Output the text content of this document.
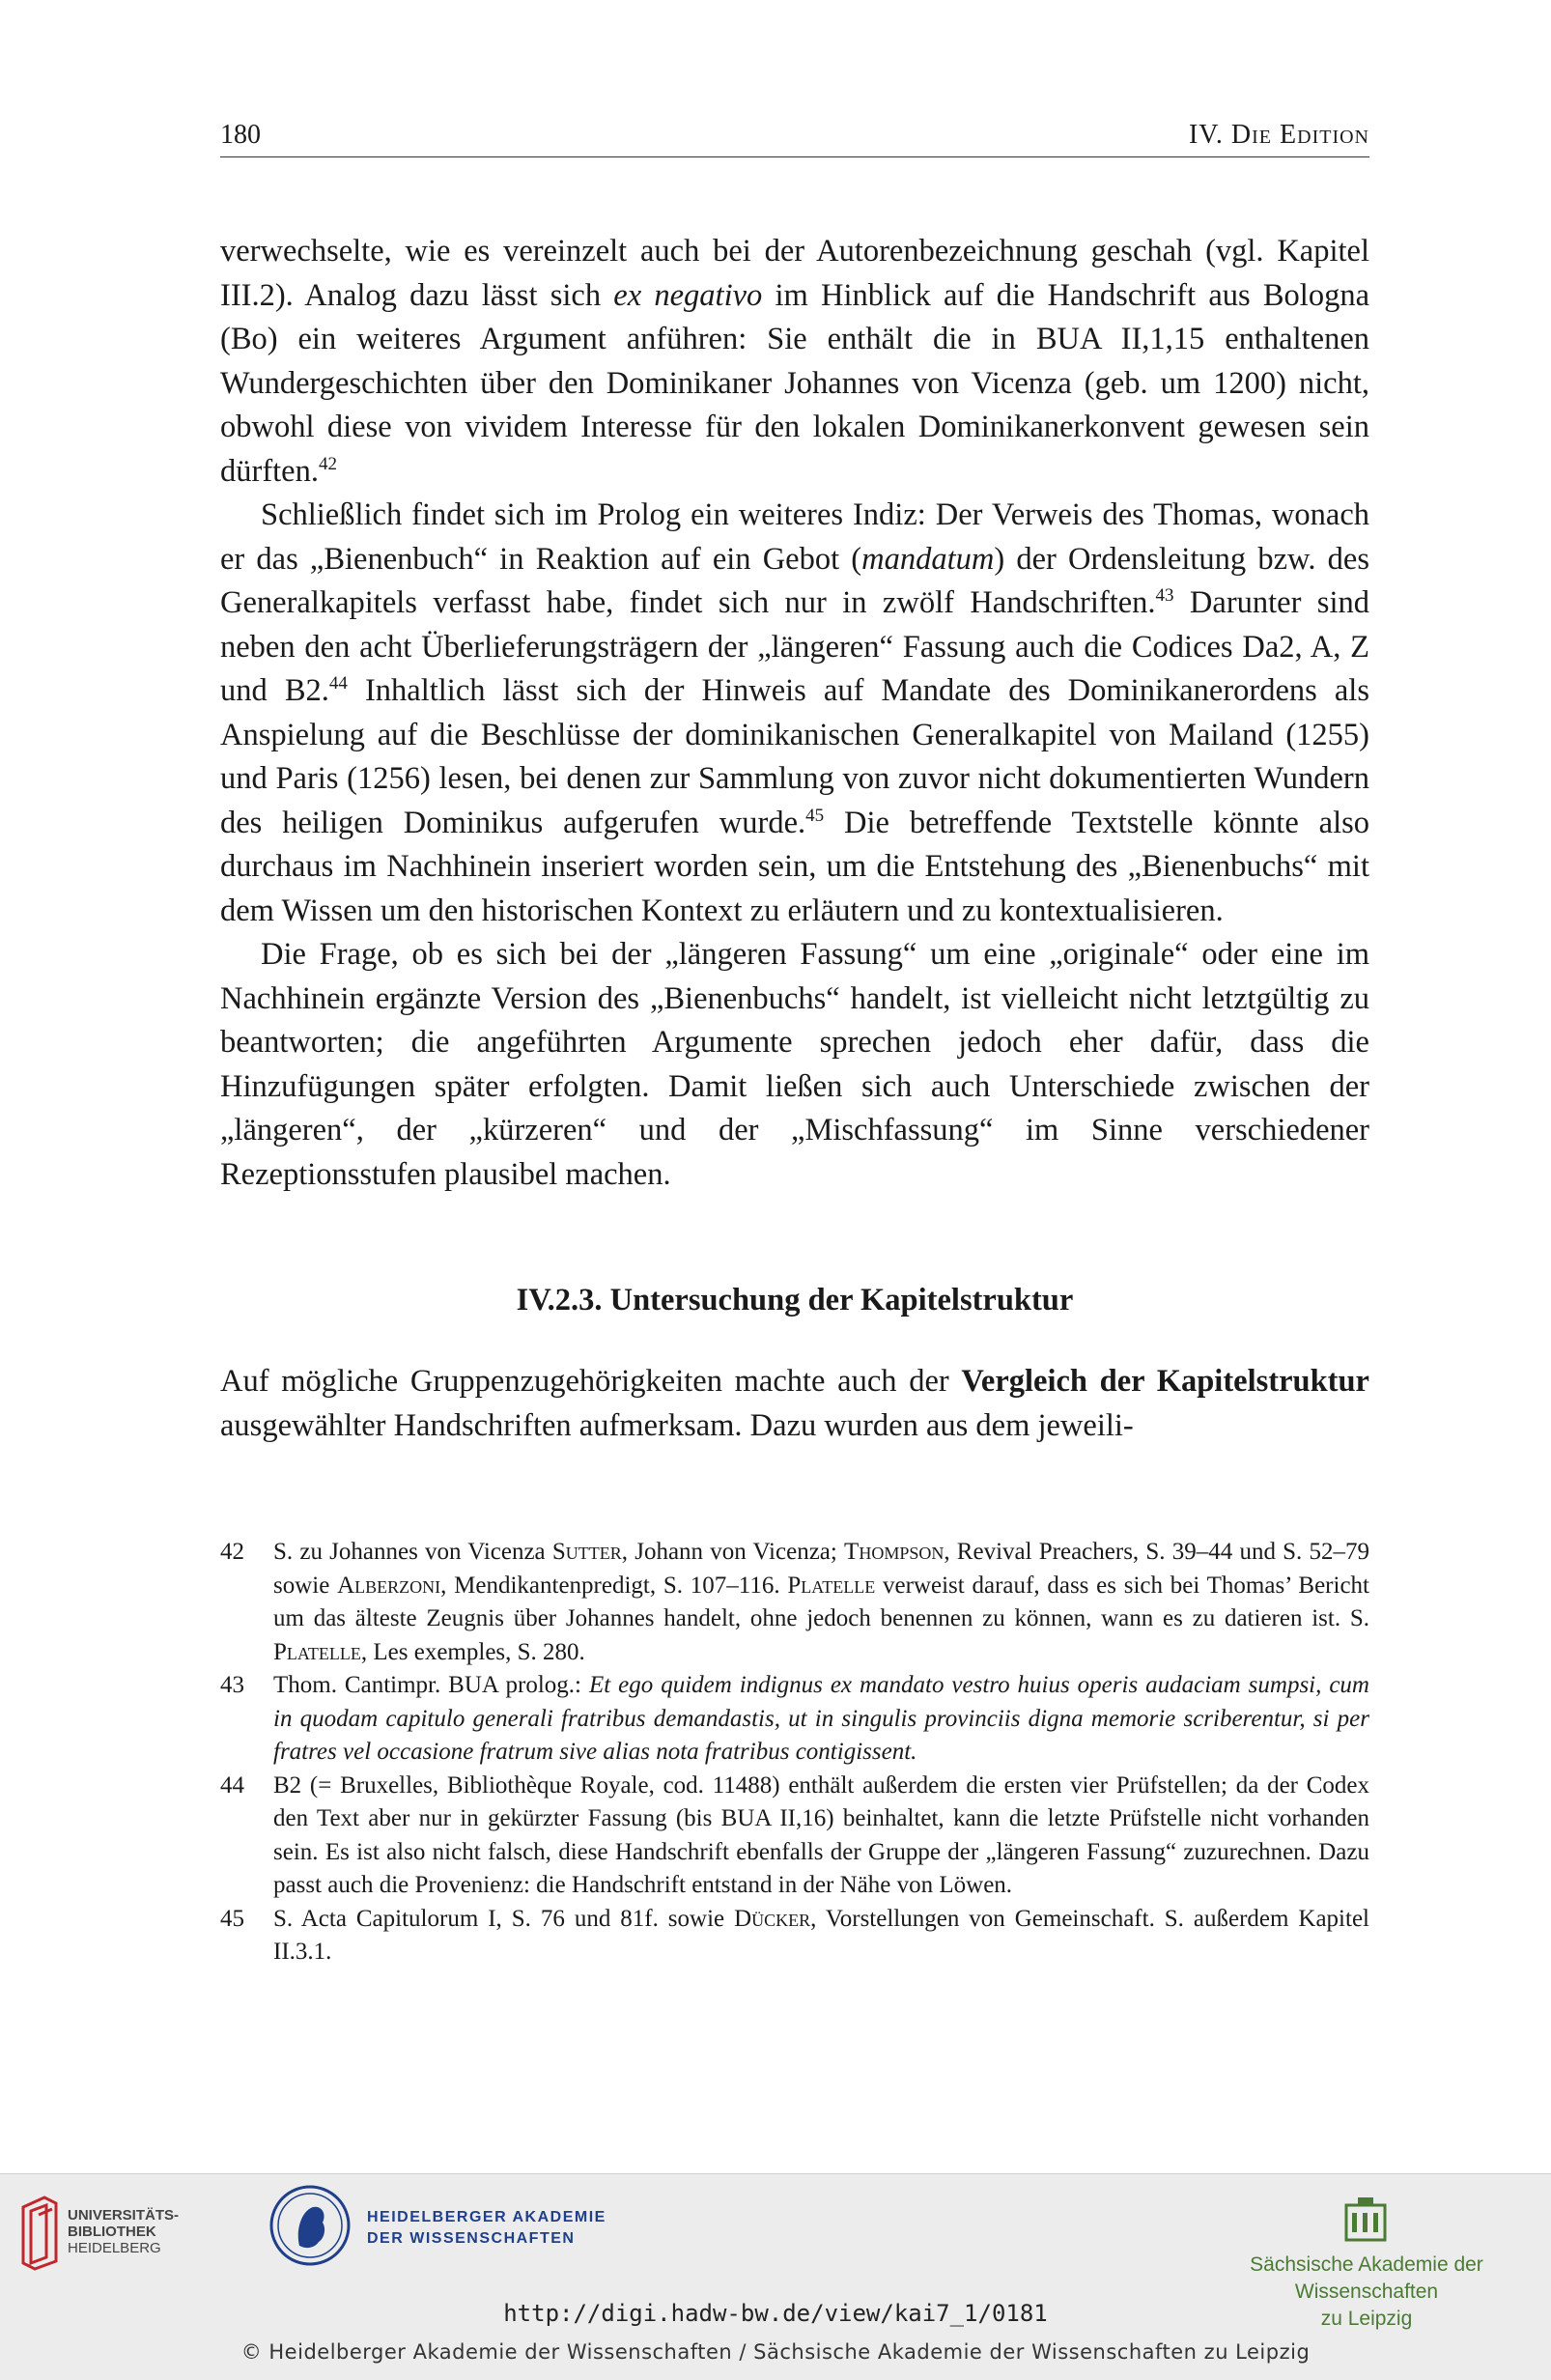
180	IV. Die Edition

verwechselte, wie es vereinzelt auch bei der Autorenbezeichnung geschah (vgl. Kapitel III.2). Analog dazu lässt sich ex negativo im Hinblick auf die Handschrift aus Bologna (Bo) ein weiteres Argument anführen: Sie enthält die in BUA II,1,15 enthaltenen Wundergeschichten über den Dominikaner Johannes von Vicenza (geb. um 1200) nicht, obwohl diese von vividem Interesse für den lokalen Dominikanerkonvent gewesen sein dürften.$^{42}$

Schließlich findet sich im Prolog ein weiteres Indiz: Der Verweis des Thomas, wonach er das „Bienenbuch“ in Reaktion auf ein Gebot (mandatum) der Ordensleitung bzw. des Generalkapitels verfasst habe, findet sich nur in zwölf Handschriften.$^{43}$ Darunter sind neben den acht Überlieferungsträgern der „längeren“ Fassung auch die Codices Da2, A, Z und B2.44 Inhaltlich lässt sich der Hinweis auf Mandate des Dominikanerordens als Anspielung auf die Beschlüsse der dominikanischen Generalkapitel von Mailand (1255) und Paris (1256) lesen, bei denen zur Sammlung von zuvor nicht dokumentierten Wundern des heiligen Dominikus aufgerufen wurde.$^{45}$ Die betreffende Textstelle könnte also durchaus im Nachhinein inseriert worden sein, um die Entstehung des „Bienenbuchs“ mit dem Wissen um den historischen Kontext zu erläutern und zu kontextualisieren.

Die Frage, ob es sich bei der „längeren Fassung“ um eine „originale“ oder eine im Nachhinein ergänzte Version des „Bienenbuchs“ handelt, ist vielleicht nicht letztgültig zu beantworten; die angeführten Argumente sprechen jedoch eher dafür, dass die Hinzufügungen später erfolgten. Damit ließen sich auch Unterschiede zwischen der „längeren“, der „kürzeren“ und der „Mischfassung“ im Sinne verschiedener Rezeptionsstufen plausibel machen.

IV.2.3. Untersuchung der Kapitelstruktur

Auf mögliche Gruppenzugehörigkeiten machte auch der Vergleich der Kapitelstruktur ausgewählter Handschriften aufmerksam. Dazu wurden aus dem jeweili-

42 S. zu Johannes von Vicenza Sutter, Johann von Vicenza; Thompson, Revival Preachers, S. 39–44 und S. 52–79 sowie Alberzoni, Mendikantenpredigt, S. 107–116. Platelle verweist darauf, dass es sich bei Thomas’ Bericht um das älteste Zeugnis über Johannes handelt, ohne jedoch benennen zu können, wann es zu datieren ist. S. Platelle, Les exemples, S. 280.
43 Thom. Cantimpr. BUA prolog.: Et ego quidem indignus ex mandato vestro huius operis audaciam sumpsi, cum in quodam capitulo generali fratribus demandastis, ut in singulis provinciis digna memorie scriberentur, si per fratres vel occasione fratrum sive alias nota fratribus contigissent.
44 B2 (= Bruxelles, Bibliothèque Royale, cod. 11488) enthält außerdem die ersten vier Prüfstellen; da der Codex den Text aber nur in gekürzter Fassung (bis BUA II,16) beinhaltet, kann die letzte Prüfstelle nicht vorhanden sein. Es ist also nicht falsch, diese Handschrift ebenfalls der Gruppe der „längeren Fassung“ zuzurechnen. Dazu passt auch die Provenienz: die Handschrift entstand in der Nähe von Löwen.
45 S. Acta Capitulorum I, S. 76 und 81f. sowie Dücker, Vorstellungen von Gemeinschaft. S. außerdem Kapitel II.3.1.
UNIVERSITÄTS-
BIBLIOTHEK
HEIDELBERG
HEIDELBERGER AKADEMIE
DER WISSENSCHAFTEN
Sächsische Akademie der Wissenschaften
zu Leipzig
http://digi.hadw-bw.de/view/kai7_1/0181
© Heidelberger Akademie der Wissenschaften / Sächsische Akademie der Wissenschaften zu Leipzig
